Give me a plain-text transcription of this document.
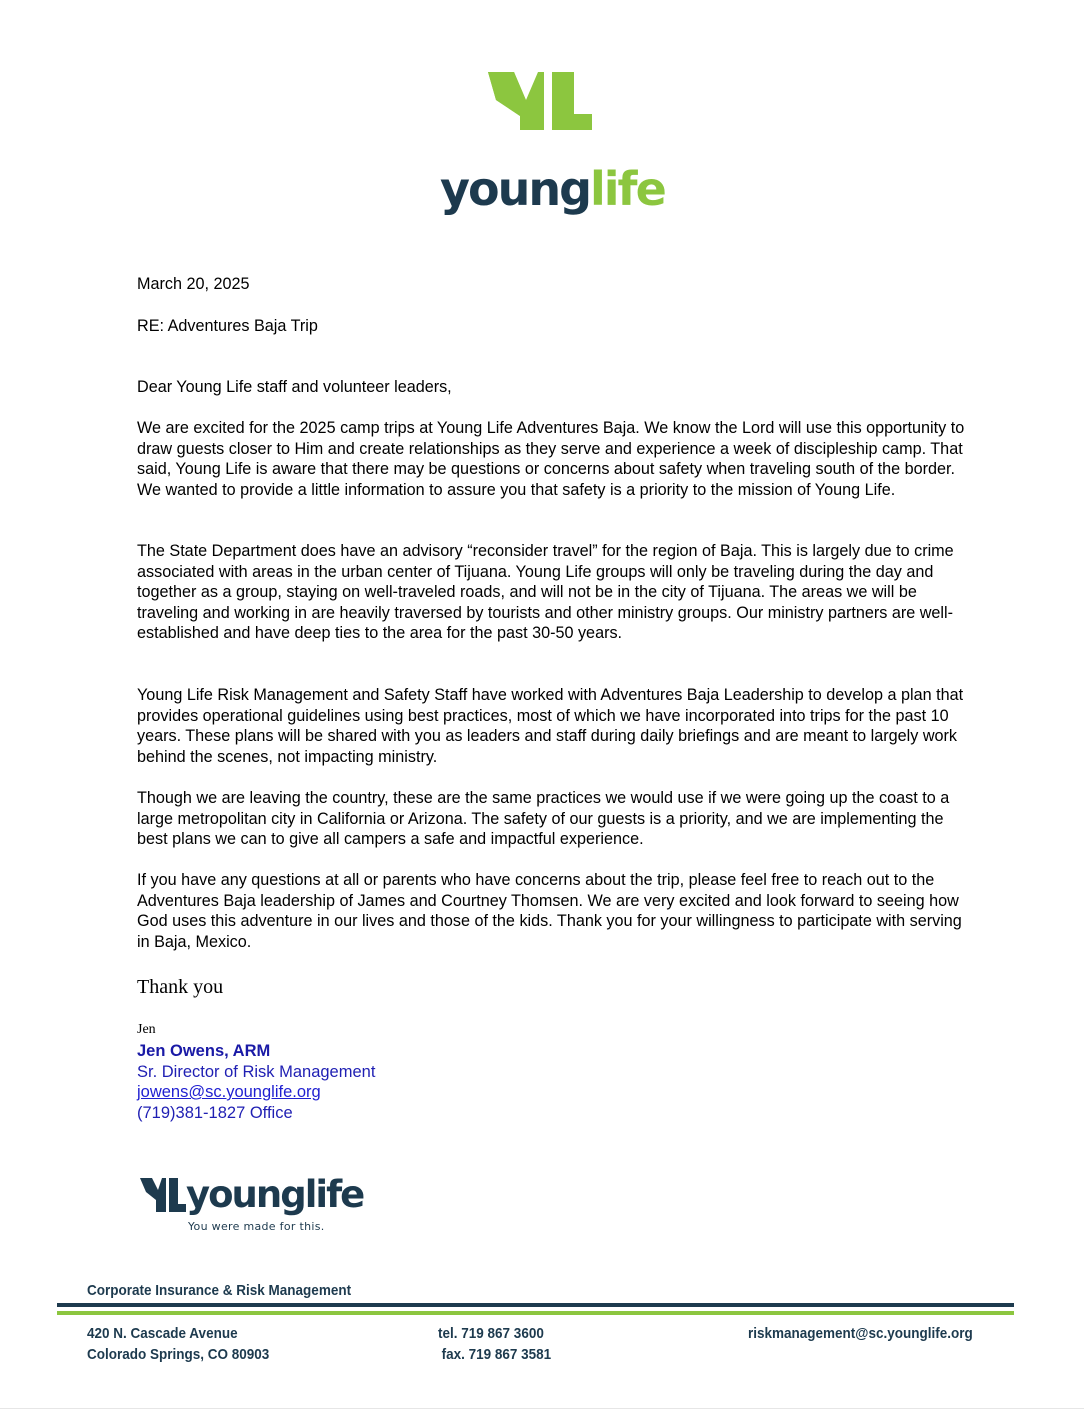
younglife
March 20, 2025
RE: Adventures Baja Trip
Dear Young Life staff and volunteer leaders,

We are excited for the 2025 camp trips at Young Life Adventures Baja. We know the Lord will use this opportunity to draw guests closer to Him and create relationships as they serve and experience a week of discipleship camp. That said, Young Life is aware that there may be questions or concerns about safety when traveling south of the border. We wanted to provide a little information to assure you that safety is a priority to the mission of Young Life.

The State Department does have an advisory “reconsider travel” for the region of Baja. This is largely due to crime associated with areas in the urban center of Tijuana. Young Life groups will only be traveling during the day and together as a group, staying on well-traveled roads, and will not be in the city of Tijuana. The areas we will be traveling and working in are heavily traversed by tourists and other ministry groups. Our ministry partners are well-established and have deep ties to the area for the past 30-50 years.

Young Life Risk Management and Safety Staff have worked with Adventures Baja Leadership to develop a plan that provides operational guidelines using best practices, most of which we have incorporated into trips for the past 10 years. These plans will be shared with you as leaders and staff during daily briefings and are meant to largely work behind the scenes, not impacting ministry.

Though we are leaving the country, these are the same practices we would use if we were going up the coast to a large metropolitan city in California or Arizona. The safety of our guests is a priority, and we are implementing the best plans we can to give all campers a safe and impactful experience.

If you have any questions at all or parents who have concerns about the trip, please feel free to reach out to the Adventures Baja leadership of James and Courtney Thomsen. We are very excited and look forward to seeing how God uses this adventure in our lives and those of the kids. Thank you for your willingness to participate with serving in Baja, Mexico.

Thank you
Jen
Jen Owens, ARM
Sr. Director of Risk Management
jowens@sc.younglife.org
(719)381-1827 Office
younglife
You were made for this.
Corporate Insurance & Risk Management
420 N. Cascade Avenue
Colorado Springs, CO 80903
tel. 719 867 3600
fax. 719 867 3581
riskmanagement@sc.younglife.org
